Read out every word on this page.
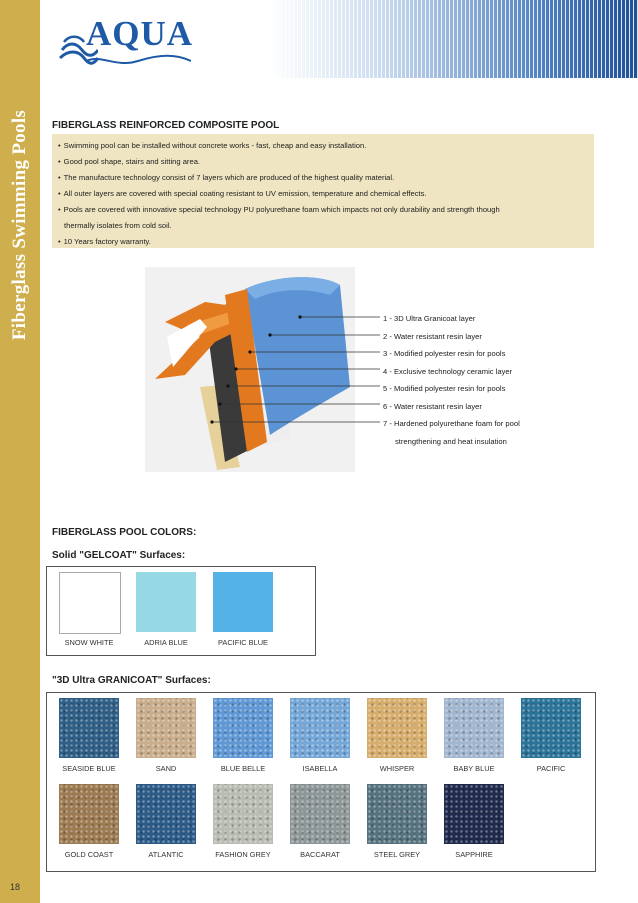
Fiberglass Swimming Pools
18
AQUA
FIBERGLASS REINFORCED COMPOSITE POOL
• Swimming pool can be installed without concrete works - fast, cheap and easy installation.
• Good pool shape, stairs and sitting area.
• The manufacture technology consist of 7 layers which are produced of the highest quality material.
• All outer layers are covered with special coating resistant to UV emission, temperature and chemical effects.
• Pools are covered with innovative special technology PU polyurethane foam which impacts not only durability and strength though
thermally isolates from cold soil.
• 10 Years factory warranty.
1 - 3D Ultra Granicoat layer
2 - Water resistant resin layer
3 - Modified polyester resin for pools
4 - Exclusive technology ceramic layer
5 - Modified polyester resin for pools
6 - Water resistant resin layer
7 - Hardened polyurethane foam for pool
strengthening and heat insulation
FIBERGLASS POOL COLORS:
Solid "GELCOAT" Surfaces:
"3D Ultra GRANICOAT" Surfaces:
SNOW WHITE	ADRIA BLUE	PACIFIC BLUE
SEASIDE BLUE	SAND	BLUE BELLE	ISABELLA	WHISPER	BABY BLUE	PACIFIC
GOLD COAST	ATLANTIC	FASHION GREY	BACCARAT	STEEL GREY	SAPPHIRE
